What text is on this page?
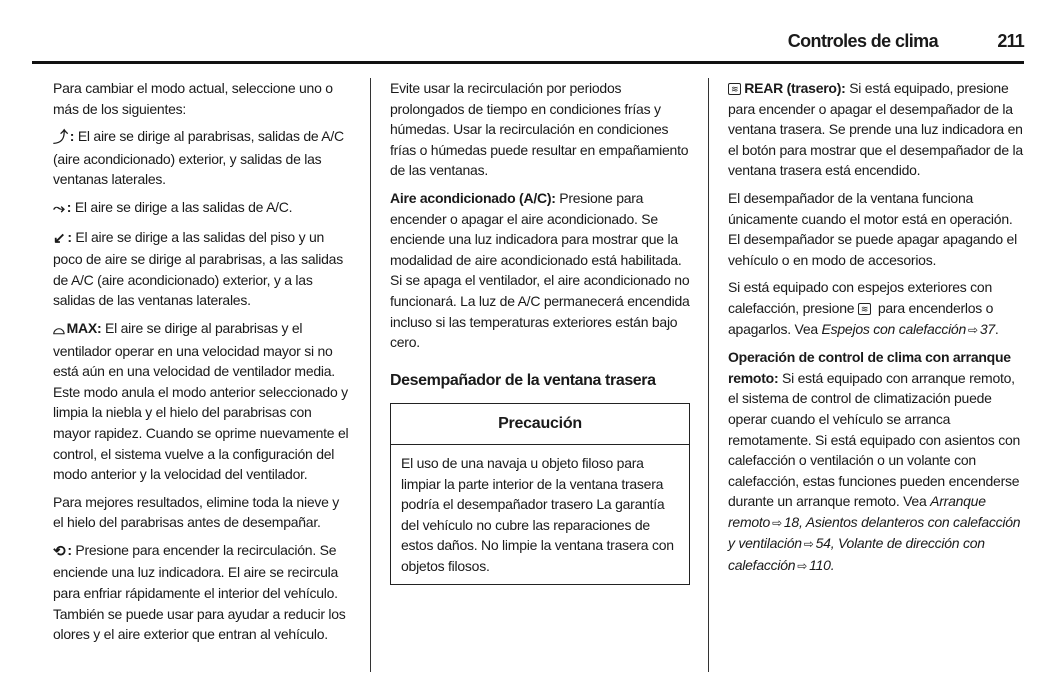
Controles de clima	211

Para cambiar el modo actual, seleccione uno o más de los siguientes:

⤴ : El aire se dirige al parabrisas, salidas de A/C (aire acondicionado) exterior, y salidas de las ventanas laterales.

⤳ : El aire se dirige a las salidas de A/C.

↙ : El aire se dirige a las salidas del piso y un poco de aire se dirige al parabrisas, a las salidas de A/C (aire acondicionado) exterior, y a las salidas de las ventanas laterales.

⌓ MAX: El aire se dirige al parabrisas y el ventilador operar en una velocidad mayor si no está aún en una velocidad de ventilador media. Este modo anula el modo anterior seleccionado y limpia la niebla y el hielo del parabrisas con mayor rapidez. Cuando se oprime nuevamente el control, el sistema vuelve a la configuración del modo anterior y la velocidad del ventilador.

Para mejores resultados, elimine toda la nieve y el hielo del parabrisas antes de desempañar.

⟲ : Presione para encender la recirculación. Se enciende una luz indicadora. El aire se recircula para enfriar rápidamente el interior del vehículo. También se puede usar para ayudar a reducir los olores y el aire exterior que entran al vehículo.

Evite usar la recirculación por periodos prolongados de tiempo en condiciones frías y húmedas. Usar la recirculación en condiciones frías o húmedas puede resultar en empañamiento de las ventanas.

Aire acondicionado (A/C): Presione para encender o apagar el aire acondicionado. Se enciende una luz indicadora para mostrar que la modalidad de aire acondicionado está habilitada. Si se apaga el ventilador, el aire acondicionado no funcionará. La luz de A/C permanecerá encendida incluso si las temperaturas exteriores están bajo cero.

Desempañador de la ventana trasera
Precaución
El uso de una navaja u objeto filoso para limpiar la parte interior de la ventana trasera podría el desempañador trasero La garantía del vehículo no cubre las reparaciones de estos daños. No limpie la ventana trasera con objetos filosos.

≋ REAR (trasero): Si está equipado, presione para encender o apagar el desempañador de la ventana trasera. Se prende una luz indicadora en el botón para mostrar que el desempañador de la ventana trasera está encendido.

El desempañador de la ventana funciona únicamente cuando el motor está en operación. El desempañador se puede apagar apagando el vehículo o en modo de accesorios.

Si está equipado con espejos exteriores con calefacción, presione ≋ para encenderlos o apagarlos. Vea Espejos con calefacción ⇨ 37.

Operación de control de clima con arranque remoto: Si está equipado con arranque remoto, el sistema de control de climatización puede operar cuando el vehículo se arranca remotamente. Si está equipado con asientos con calefacción o ventilación o un volante con calefacción, estas funciones pueden encenderse durante un arranque remoto. Vea Arranque remoto ⇨ 18, Asientos delanteros con calefacción y ventilación ⇨ 54, Volante de dirección con calefacción ⇨ 110.
